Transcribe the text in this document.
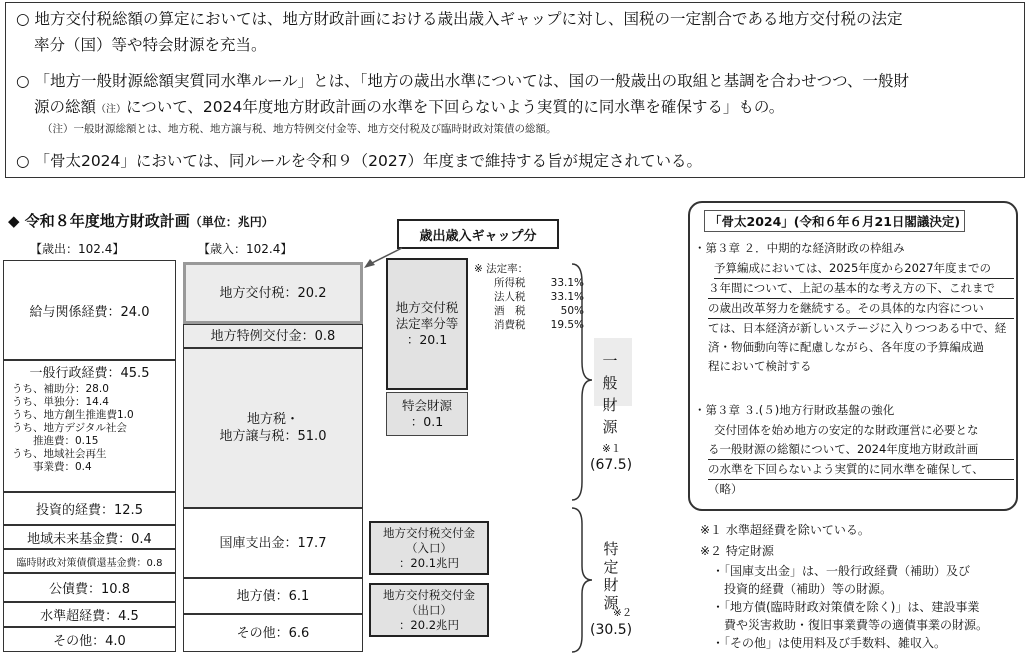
○ 地方交付税総額の算定においては、地方財政計画における歳出歳入ギャップに対し、国税の一定割合である地方交付税の法定
率分（国）等や特会財源を充当。
○ 「地方一般財源総額実質同水準ルール」とは、「地方の歳出水準については、国の一般歳出の取組と基調を合わせつつ、一般財
源の総額（注）について、2024年度地方財政計画の水準を下回らないよう実質的に同水準を確保する」もの。
（注）一般財源総額とは、地方税、地方譲与税、地方特例交付金等、地方交付税及び臨時財政対策債の総額。
○ 「骨太2024」においては、同ルールを令和９（2027）年度まで維持する旨が規定されている。
◆ 令和８年度地方財政計画（単位：兆円）
【歳出：102.4】	【歳入：102.4】
給与関係経費：24.0
一般行政経費：45.5
うち、補助分：28.0
うち、単独分：14.4
うち、地方創生推進費1.0
うち、地方デジタル社会
　　推進費：0.15
うち、地域社会再生
　　事業費：0.4
投資的経費：12.5
地域未来基金費：0.4
臨時財政対策債償還基金費：0.8
公債費：10.8
水準超経費：4.5
その他：4.0
地方交付税：20.2
地方特例交付金：0.8
地方税・
地方譲与税：51.0
国庫支出金：17.7
地方債：6.1
その他：6.6
歳出歳入ギャップ分
地方交付税
法定率分等
：20.1
特会財源
：0.1
地方交付税交付金
（入口）
：20.1兆円
地方交付税交付金
（出口）
：20.2兆円
※ 法定率：
所得税 33.1%
法人税 33.1%
酒　税	50%
消費税 19.5%
一
般
財
源
※１
(67.5)
特
定
財
源
※２
(30.5)
「骨太2024」(令和６年６月21日閣議決定)
・第３章 ２．中期的な経済財政の枠組み
予算編成においては、2025年度から2027年度までの
３年間について、上記の基本的な考え方の下、これまで
の歳出改革努力を継続する。その具体的な内容につい
ては、日本経済が新しいステージに入りつつある中で、経
済・物価動向等に配慮しながら、各年度の予算編成過
程において検討する
・第３章 ３.(５)地方行財政基盤の強化
交付団体を始め地方の安定的な財政運営に必要とな
る一般財源の総額について、2024年度地方財政計画
の水準を下回らないよう実質的に同水準を確保して、
（略）
※１ 水準超経費を除いている。
※２ 特定財源
・「国庫支出金」は、一般行政経費（補助）及び
　投資的経費（補助）等の財源。
・「地方債(臨時財政対策債を除く)」は、建設事業
　費や災害救助・復旧事業費等の適債事業の財源。
・「その他」は使用料及び手数料、雑収入。
